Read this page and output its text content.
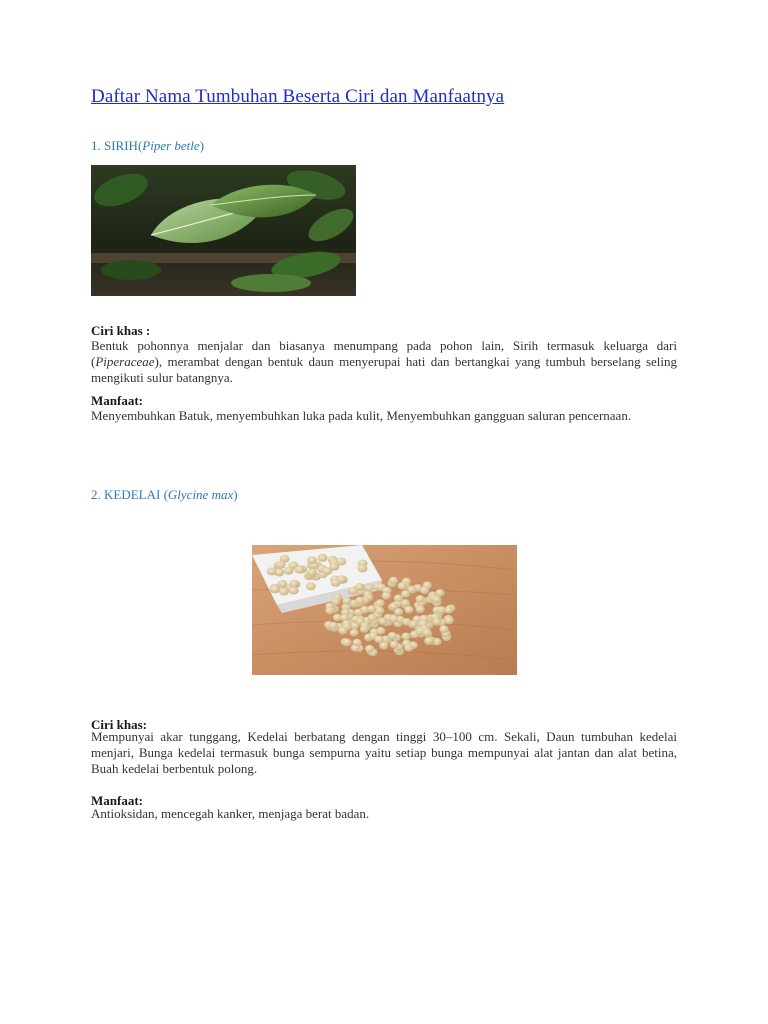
Daftar Nama Tumbuhan Beserta Ciri dan Manfaatnya
1. SIRIH(Piper betle)
Ciri khas :

Bentuk pohonnya menjalar dan biasanya menumpang pada pohon lain, Sirih termasuk keluarga dari (Piperaceae), merambat dengan bentuk daun menyerupai hati dan bertangkai yang tumbuh berselang seling mengikuti sulur batangnya.

Manfaat:

Menyembuhkan Batuk, menyembuhkan luka pada kulit, Menyembuhkan gangguan saluran pencernaan.

2. KEDELAI (Glycine max)
Ciri khas:

Mempunyai akar tunggang, Kedelai berbatang dengan tinggi 30–100 cm. Sekali, Daun tumbuhan kedelai menjari, Bunga kedelai termasuk bunga sempurna yaitu setiap bunga mempunyai alat jantan dan alat betina, Buah kedelai berbentuk polong.

Manfaat:

Antioksidan, mencegah kanker, menjaga berat badan.
